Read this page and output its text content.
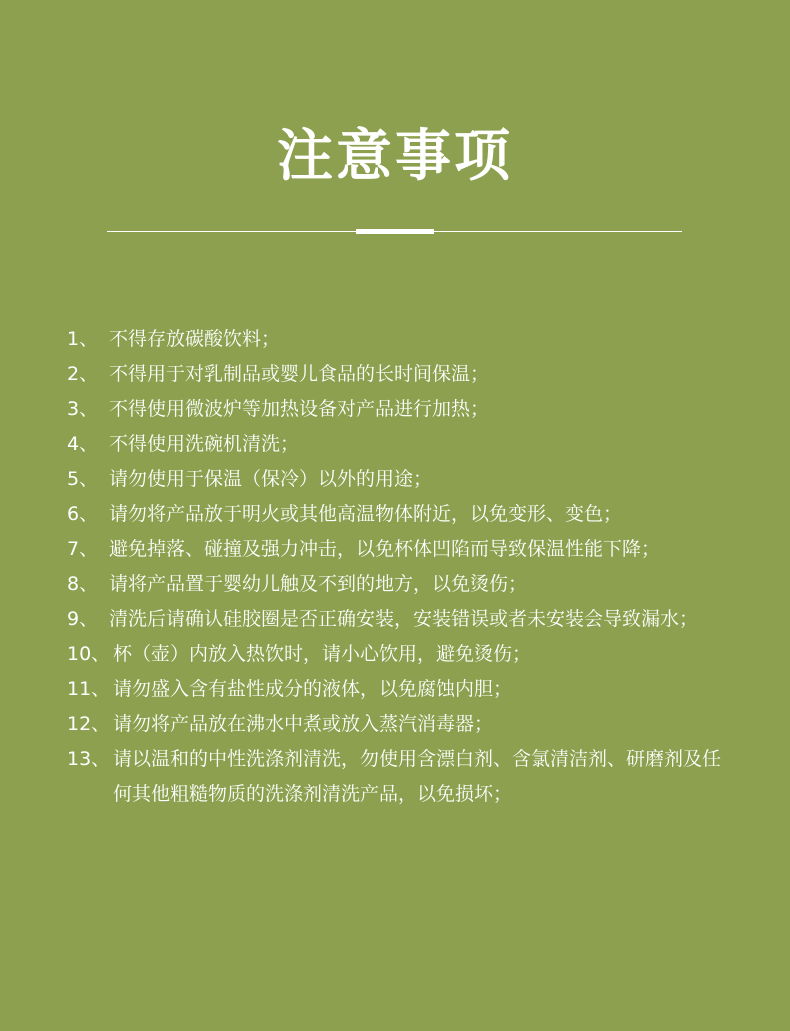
注意事项
1、 不得存放碳酸饮料；
2、 不得用于对乳制品或婴儿食品的长时间保温；
3、 不得使用微波炉等加热设备对产品进行加热；
4、 不得使用洗碗机清洗；
5、 请勿使用于保温（保冷）以外的用途；
6、 请勿将产品放于明火或其他高温物体附近，以免变形、变色；
7、 避免掉落、碰撞及强力冲击，以免杯体凹陷而导致保温性能下降；
8、 请将产品置于婴幼儿触及不到的地方，以免烫伤；
9、 清洗后请确认硅胶圈是否正确安装，安装错误或者未安装会导致漏水；
10、 杯（壶）内放入热饮时，请小心饮用，避免烫伤；
11、 请勿盛入含有盐性成分的液体，以免腐蚀内胆；
12、 请勿将产品放在沸水中煮或放入蒸汽消毒器；
13、 请以温和的中性洗涤剂清洗，勿使用含漂白剂、含氯清洁剂、研磨剂及任何其他粗糙物质的洗涤剂清洗产品，以免损坏；
